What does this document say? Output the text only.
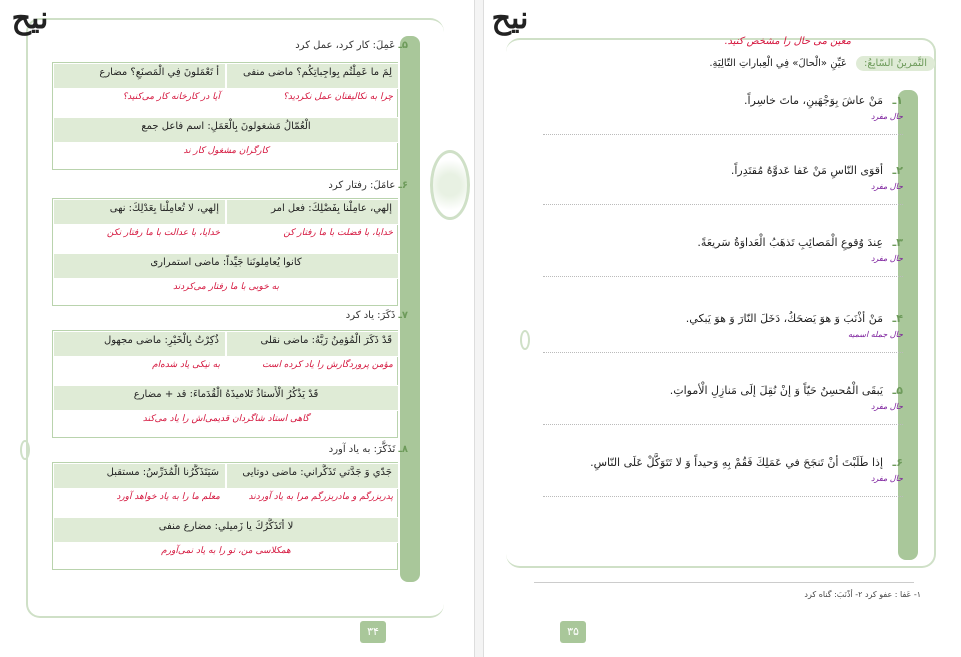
نيح
۳۴
۵ـ عَمِلَ: کار کرد، عمل کرد
أ تَعْمَلونَ فِي الْمَصنَعِ؟ مضارع	لِمَ ما عَمِلْتُم بِواجِباتِكُم؟ ماضی منفی
آیا در کارخانه کار می‌کنید؟	چرا به نکالیفتان عمل نکردید؟
الْعُمّالُ مَشغولونَ بِالْعَمَلِ: اسم فاعل جمع
کارگران مشغول کار ند
۶ـ عامَلَ: رفتار کرد
إلهي، لا تُعامِلْنا بِعَدْلِكَ: نهی	إلهي، عامِلْنا بِفَضْلِكَ: فعل امر
خدایا، با عدالت با ما رفتار نکن	خدایا، با فضلت با ما رفتار کن
كانوا يُعامِلونَنا جَيِّداً: ماضی استمراری
به خوبی با ما رفتار می‌کردند
۷ـ ذَكَرَ: یاد کرد
ذُكِرْتُ بِالْخَيْرِ: ماضی مجهول	قَدْ ذَكَرَ الْمُؤمِنُ رَبَّهُ: ماضی نقلی
به نیکی یاد شده‌ام	مؤمن پروردگارش را یاد کرده است
قَدْ يَذْكُرُ الْأُستاذُ تَلاميذَهُ الْقُدَماءَ: قد + مضارع
گاهی استاد شاگردان قدیمی‌اش را یاد می‌کند
۸ـ تَذَكَّرَ: به یاد آورد
سَيَتَذَكَّرُنا الْمُدَرِّسُ: مستقبل	جَدّي وَ جَدَّتي تَذَكَّراني: ماضی دوتایی
معلم ما را به یاد خواهد آورد	پدربزرگم و مادربزرگم مرا به یاد آوردند
لا أتَذَكَّرُكَ يا زَميلي: مضارع منفی
همکلاسی من، تو را به یاد نمی‌آورم
نيح
۳۵
معین می حال را مشخص کنید.
التَّمرينُ السّابِعُ: عَيِّنِ «الْحالَ» فِي الْعِباراتِ التّالِيَةِ.
۱ـ مَنْ عاشَ بِوَجْهَينِ، ماتَ خاسِراً.
حال مفرد
۲ـ أقوَى النّاسِ مَنْ عَفا عَدوَّهُ مُقتَدِراً.
حال مفرد
۳ـ عِندَ وُقوعِ الْمَصائِبِ تَذهَبُ الْعَداوَةُ سَريعَةً.
حال مفرد
۴ـ مَنْ أذْنَبَ وَ هوَ يَضحَكُ، دَخَلَ النّارَ وَ هوَ يَبكي.
حال جمله اسمیه
۵ـ يَبقَى الْمُحسِنُ حَيّاً وَ إنْ نُقِلَ إلَى مَنازِلِ الْأمواتِ.
حال مفرد
۶ـ إذا طَلَبْتَ أنْ تَنجَحَ في عَمَلِكَ فَقُمْ بِهِ وَحيداً وَ لا تَتَوَكَّلْ عَلَى النّاسِ.
حال مفرد
۱- عَفا : عفو کرد ۲- أذْنَبَ: گناه کرد
